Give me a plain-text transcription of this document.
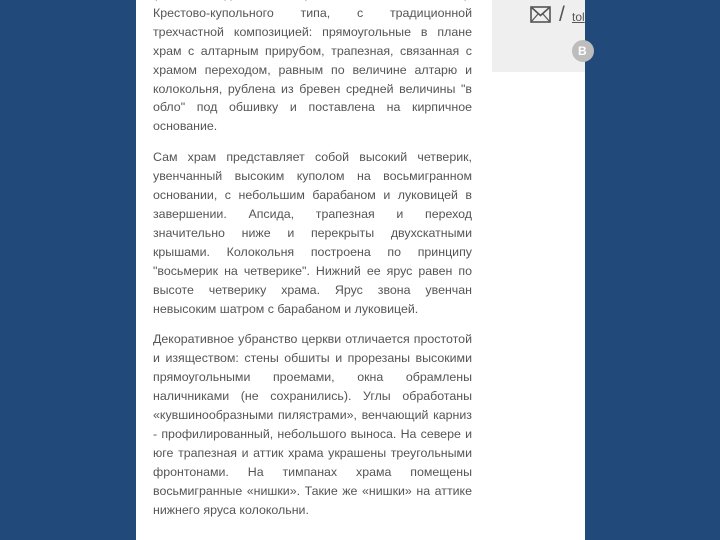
Крестово-купольного типа, с традиционной трехчастной композицией: прямоугольные в плане храм с алтарным прирубом, трапезная, связанная с храмом переходом, равным по величине алтарю и колокольня, рублена из бревен средней величины "в обло" под обшивку и поставлена на кирпичное основание.

Сам храм представляет собой высокий четверик, увенчанный высоким куполом на восьмигранном основании, с небольшим барабаном и луковицей в завершении. Апсида, трапезная и переход значительно ниже и перекрыты двухскатными крышами. Колокольня построена по принципу "восьмерик на четверике". Нижний ее ярус равен по высоте четверику храма. Ярус звона увенчан невысоким шатром с барабаном и луковицей.

Декоративное убранство церкви отличается простотой и изяществом: стены обшиты и прорезаны высокими прямоугольными проемами, окна обрамлены наличниками (не сохранились). Углы обработаны «кувшинообразными пилястрами», венчающий карниз - профилированный, небольшого выноса. На севере и юге трапезная и аттик храма украшены треугольными фронтонами. На тимпанах храма помещены восьмигранные «нишки». Такие же «нишки» на аттике нижнего яруса колокольни.

/ tol
B
